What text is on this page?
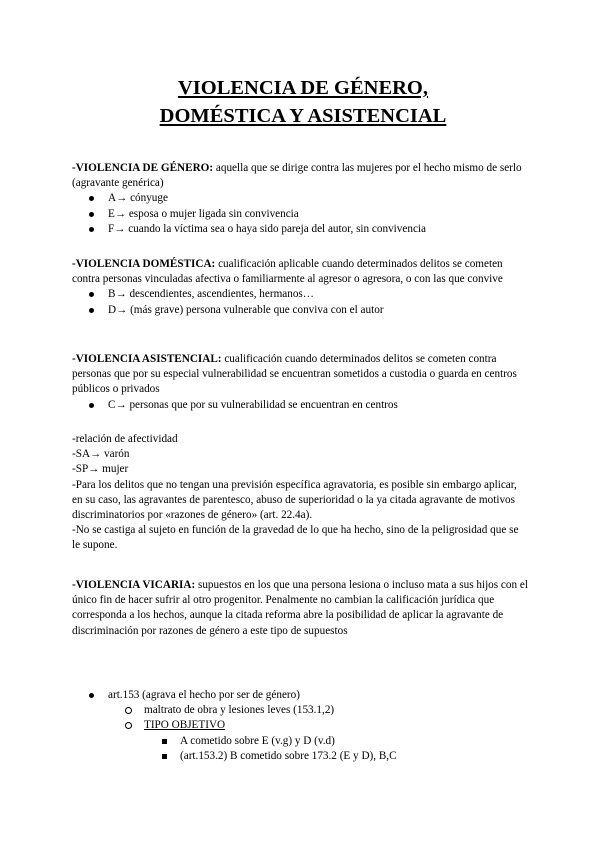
VIOLENCIA DE GÉNERO,
DOMÉSTICA Y ASISTENCIAL

-VIOLENCIA DE GÉNERO: aquella que se dirige contra las mujeres por el hecho mismo de serlo (agravante genérica)

A→ cónyuge
E→ esposa o mujer ligada sin convivencia
F→ cuando la víctima sea o haya sido pareja del autor, sin convivencia

-VIOLENCIA DOMÉSTICA: cualificación aplicable cuando determinados delitos se cometen contra personas vinculadas afectiva o familiarmente al agresor o agresora, o con las que convive

B→ descendientes, ascendientes, hermanos…
D→ (más grave) persona vulnerable que conviva con el autor

-VIOLENCIA ASISTENCIAL: cualificación cuando determinados delitos se cometen contra personas que por su especial vulnerabilidad se encuentran sometidos a custodia o guarda en centros públicos o privados

C→ personas que por su vulnerabilidad se encuentran en centros

-relación de afectividad

-SA→ varón

-SP→ mujer

-Para los delitos que no tengan una previsión específica agravatoria, es posible sin embargo aplicar, en su caso, las agravantes de parentesco, abuso de superioridad o la ya citada agravante de motivos discriminatorios por «razones de género» (art. 22.4a).

-No se castiga al sujeto en función de la gravedad de lo que ha hecho, sino de la peligrosidad que se le supone.

-VIOLENCIA VICARIA: supuestos en los que una persona lesiona o incluso mata a sus hijos con el único fin de hacer sufrir al otro progenitor. Penalmente no cambian la calificación jurídica que corresponda a los hechos, aunque la citada reforma abre la posibilidad de aplicar la agravante de discriminación por razones de género a este tipo de supuestos

art.153 (agrava el hecho por ser de género)
maltrato de obra y lesiones leves (153.1,2)
TIPO OBJETIVO
A cometido sobre E (v.g) y D (v.d)
(art.153.2) B cometido sobre 173.2 (E y D), B,C
